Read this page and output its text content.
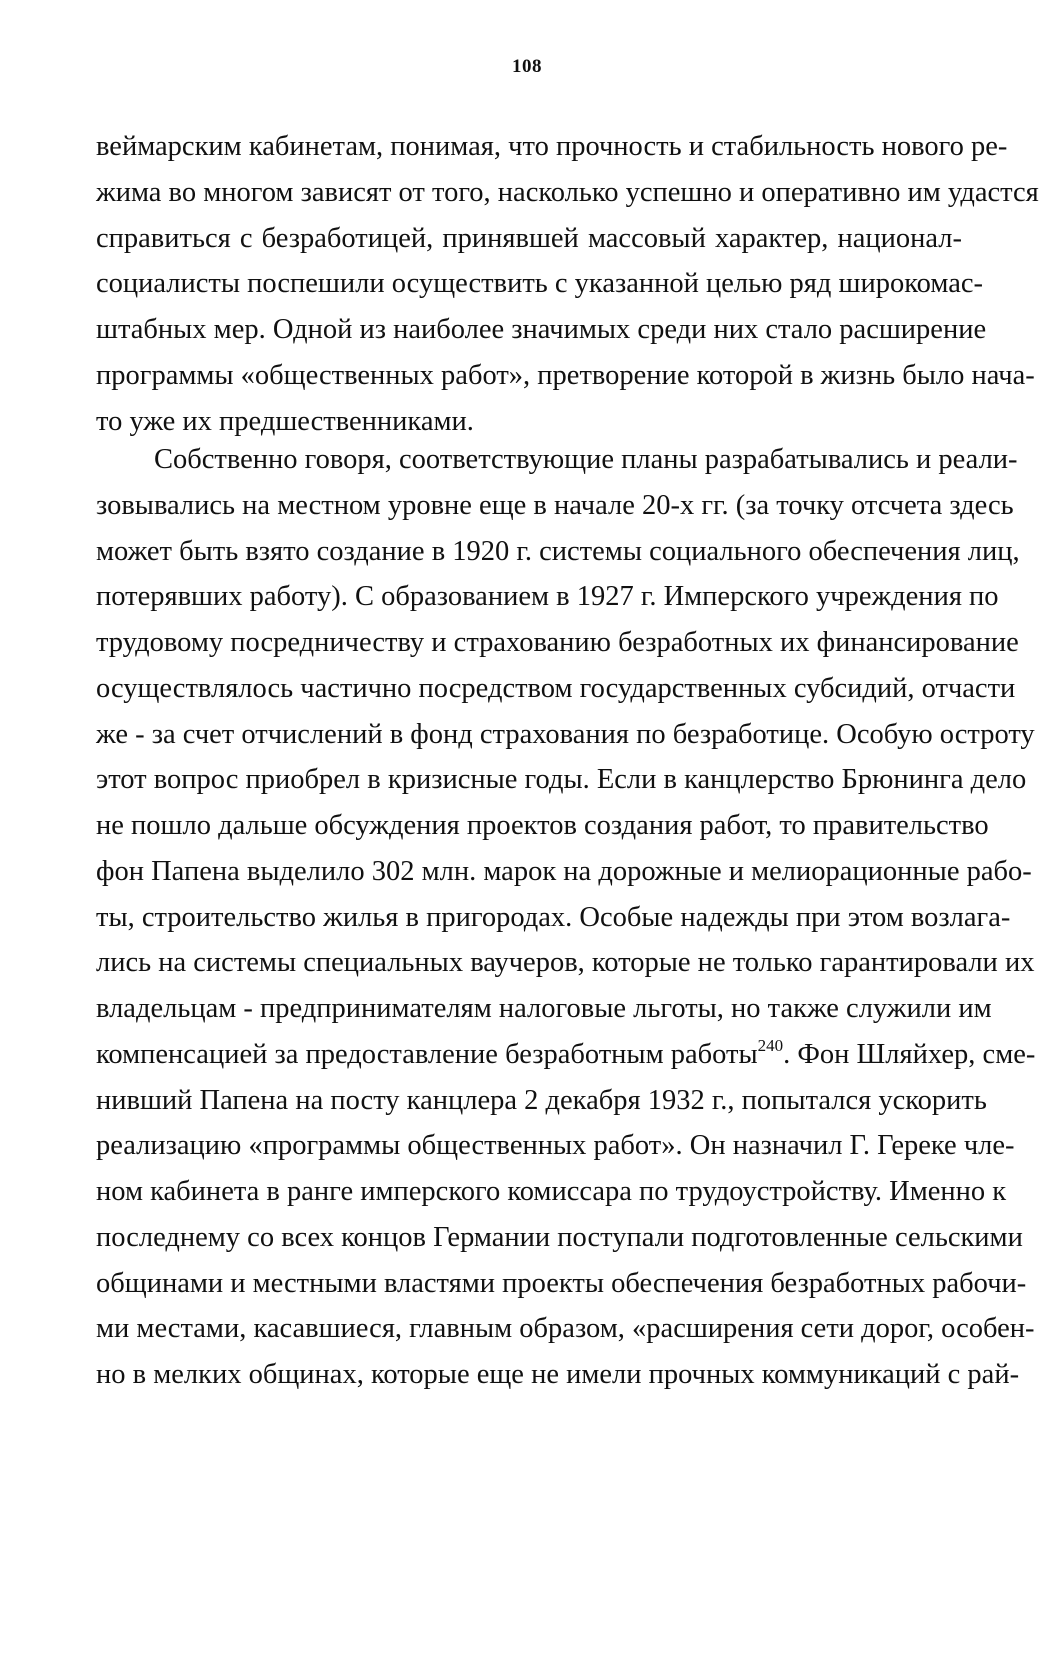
108
веймарским кабинетам, понимая, что прочность и стабильность нового ре-
жима во многом зависят от того, насколько успешно и оперативно им удастся
справиться с безработицей, принявшей массовый характер, национал-
социалисты поспешили осуществить с указанной целью ряд широкомас-
штабных мер. Одной из наиболее значимых среди них стало расширение
программы «общественных работ», претворение которой в жизнь было нача-
то уже их предшественниками.
Собственно говоря, соответствующие планы разрабатывались и реали-
зовывались на местном уровне еще в начале 20-х гг. (за точку отсчета здесь
может быть взято создание в 1920 г. системы социального обеспечения лиц,
потерявших работу). С образованием в 1927 г. Имперского учреждения по
трудовому посредничеству и страхованию безработных их финансирование
осуществлялось частично посредством государственных субсидий, отчасти
же - за счет отчислений в фонд страхования по безработице. Особую остроту
этот вопрос приобрел в кризисные годы. Если в канцлерство Брюнинга дело
не пошло дальше обсуждения проектов создания работ, то правительство
фон Папена выделило 302 млн. марок на дорожные и мелиорационные рабо-
ты, строительство жилья в пригородах. Особые надежды при этом возлага-
лись на системы специальных ваучеров, которые не только гарантировали их
владельцам - предпринимателям налоговые льготы, но также служили им
компенсацией за предоставление безработным работы$^{240}$. Фон Шляйхер, сме-
нивший Папена на посту канцлера 2 декабря 1932 г., попытался ускорить
реализацию «программы общественных работ». Он назначил Г. Гереке чле-
ном кабинета в ранге имперского комиссара по трудоустройству. Именно к
последнему со всех концов Германии поступали подготовленные сельскими
общинами и местными властями проекты обеспечения безработных рабочи-
ми местами, касавшиеся, главным образом, «расширения сети дорог, особен-
но в мелких общинах, которые еще не имели прочных коммуникаций с рай-
